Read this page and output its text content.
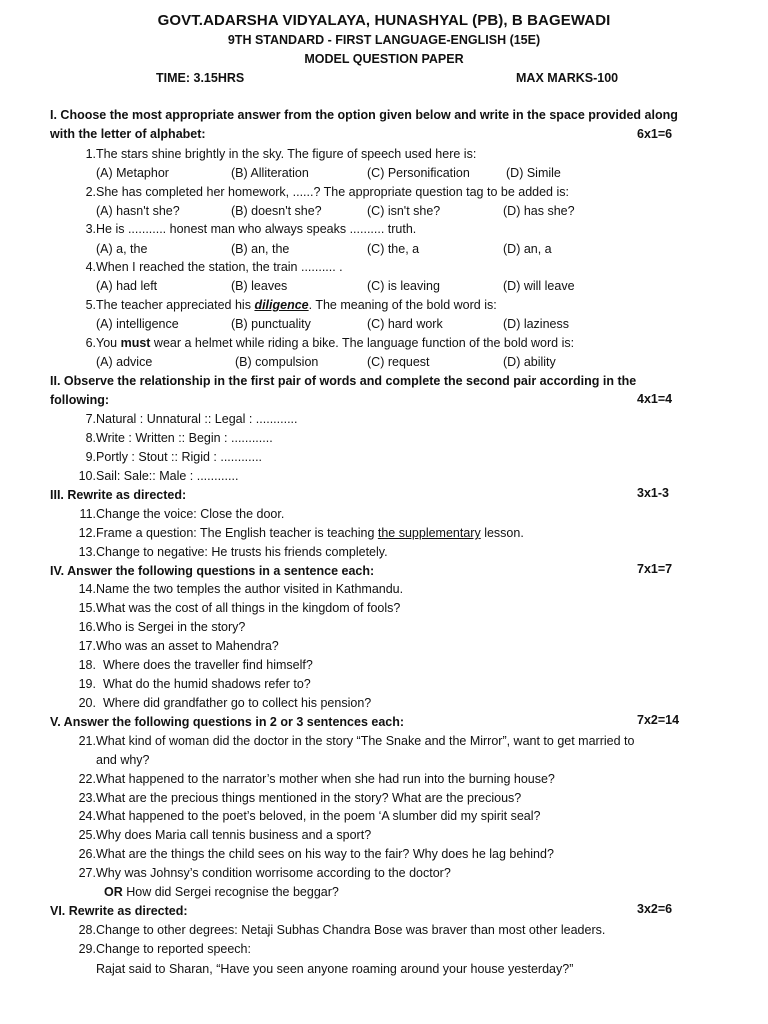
GOVT.ADARSHA VIDYALAYA, HUNASHYAL (PB), B BAGEWADI
9TH STANDARD - FIRST LANGUAGE-ENGLISH (15E)
MODEL QUESTION PAPER
TIME: 3.15HRS	MAX MARKS-100
I. Choose the most appropriate answer from the option given below and write in the space provided along
with the letter of alphabet:	6x1=6
1. The stars shine brightly in the sky. The figure of speech used here is:
(A) Metaphor	(B) Alliteration	(C) Personification	(D) Simile
2. She has completed her homework, ......? The appropriate question tag to be added is:
(A) hasn't she?	(B) doesn't she?	(C) isn't she?	(D) has she?
3. He is ........... honest man who always speaks .......... truth.
(A) a, the	(B) an, the	(C) the, a	(D) an, a
4. When I reached the station, the train .......... .
(A) had left	(B) leaves	(C) is leaving	(D) will leave
5. The teacher appreciated his diligence. The meaning of the bold word is:
(A) intelligence	(B) punctuality	(C) hard work	(D) laziness
6. You must wear a helmet while riding a bike. The language function of the bold word is:
(A) advice	(B) compulsion	(C) request	(D) ability
II. Observe the relationship in the first pair of words and complete the second pair according in the
following:	4x1=4
7. Natural : Unnatural :: Legal : ............
8. Write : Written :: Begin : ............
9. Portly : Stout :: Rigid : ............
10. Sail: Sale:: Male : ............
III. Rewrite as directed:	3x1-3
11. Change the voice: Close the door.
12. Frame a question: The English teacher is teaching the supplementary lesson.
13. Change to negative: He trusts his friends completely.
IV. Answer the following questions in a sentence each:	7x1=7
14. Name the two temples the author visited in Kathmandu.
15. What was the cost of all things in the kingdom of fools?
16. Who is Sergei in the story?
17. Who was an asset to Mahendra?
18. Where does the traveller find himself?
19. What do the humid shadows refer to?
20. Where did grandfather go to collect his pension?
V. Answer the following questions in 2 or 3 sentences each:	7x2=14
21. What kind of woman did the doctor in the story “The Snake and the Mirror”, want to get married to
and why?
22. What happened to the narrator’s mother when she had run into the burning house?
23. What are the precious things mentioned in the story? What are the precious?
24. What happened to the poet’s beloved, in the poem ‘A slumber did my spirit seal?
25. Why does Maria call tennis business and a sport?
26. What are the things the child sees on his way to the fair? Why does he lag behind?
27. Why was Johnsy’s condition worrisome according to the doctor?
OR How did Sergei recognise the beggar?
VI. Rewrite as directed:	3x2=6
28. Change to other degrees: Netaji Subhas Chandra Bose was braver than most other leaders.
29. Change to reported speech:
Rajat said to Sharan, “Have you seen anyone roaming around your house yesterday?”
